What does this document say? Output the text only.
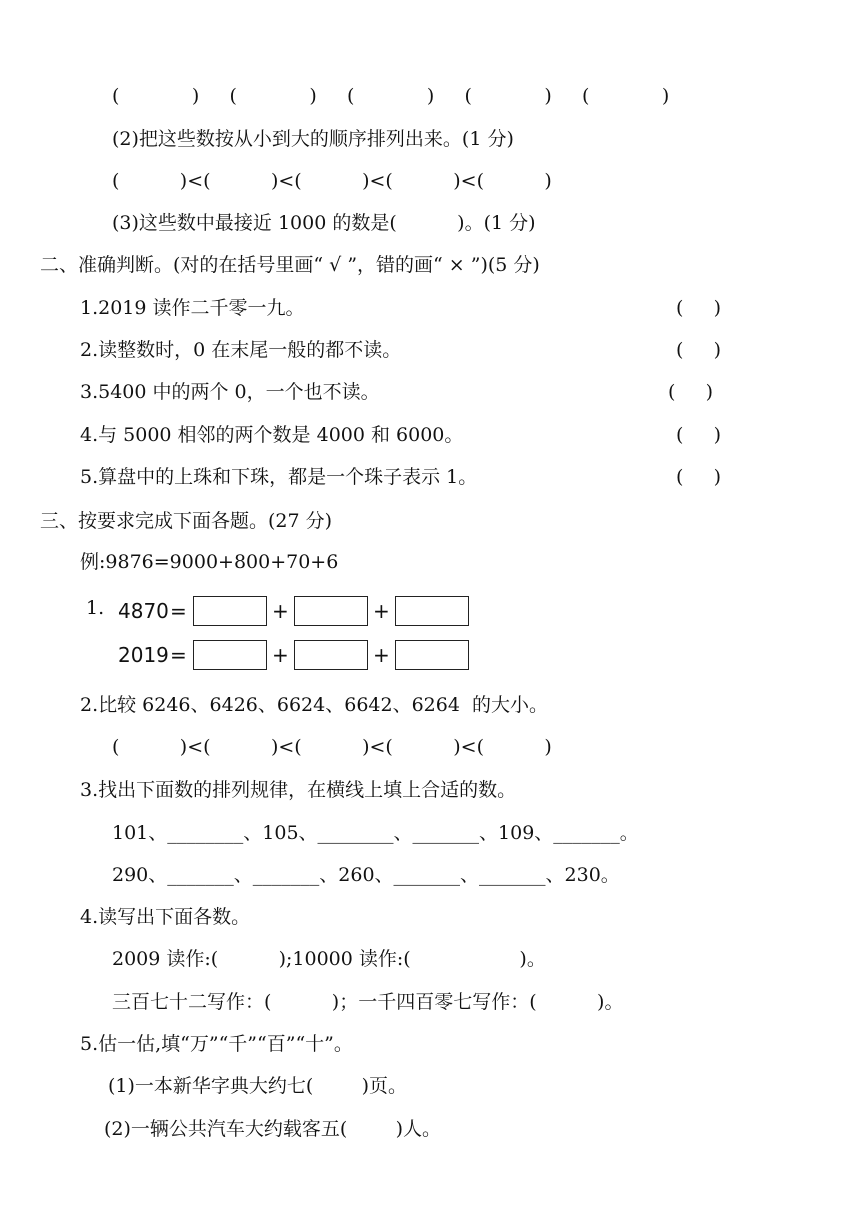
(            )     (            )     (            )     (            )     (            )
(2)把这些数按从小到大的顺序排列出来。(1 分)
(          )<(          )<(          )<(          )<(          )
(3)这些数中最接近 1000 的数是(          )。(1 分)
二、准确判断。(对的在括号里画“ √ ”，错的画“ × ”)(5 分)
1.2019 读作二千零一九。	(     )
2.读整数时，0 在末尾一般的都不读。	(     )
3.5400 中的两个 0，一个也不读。	(     )
4.与 5000 相邻的两个数是 4000 和 6000。	(     )
5.算盘中的上珠和下珠，都是一个珠子表示 1。	(     )
三、按要求完成下面各题。(27 分)
例:9876=9000+800+70+6
1. 4870 =	+	+
2019 =	+	+
2.比较 6246、6426、6624、6642、6264  的大小。
(          )<(          )<(          )<(          )<(          )
3.找出下面数的排列规律，在横线上填上合适的数。
101、________、105、________、_______、109、_______。
290、_______、_______、260、_______、_______、230。
4.读写出下面各数。
2009 读作:(          );10000 读作:(                  )。
三百七十二写作：(          )；一千四百零七写作：(          )。
5.估一估,填“万”“千”“百”“十”。
(1)一本新华字典大约七(        )页。
(2)一辆公共汽车大约载客五(        )人。
